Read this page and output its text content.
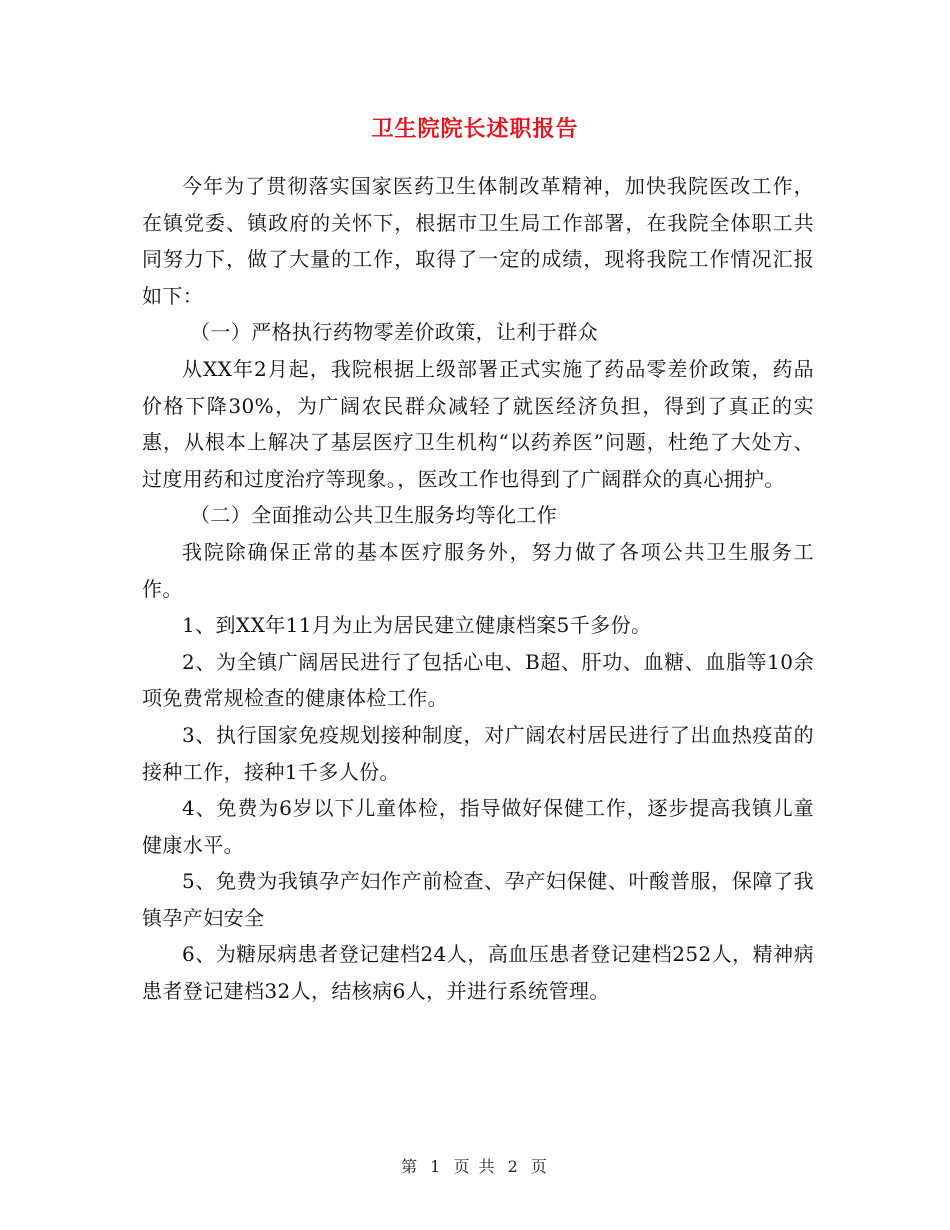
卫生院院长述职报告

今年为了贯彻落实国家医药卫生体制改革精神，加快我院医改工作，在镇党委、镇政府的关怀下，根据市卫生局工作部署，在我院全体职工共同努力下，做了大量的工作，取得了一定的成绩，现将我院工作情况汇报如下：

（一）严格执行药物零差价政策，让利于群众

从XX年2月起，我院根据上级部署正式实施了药品零差价政策，药品价格下降30%，为广阔农民群众减轻了就医经济负担，得到了真正的实惠，从根本上解决了基层医疗卫生机构“以药养医”问题，杜绝了大处方、过度用药和过度治疗等现象。，医改工作也得到了广阔群众的真心拥护。

（二）全面推动公共卫生服务均等化工作

我院除确保正常的基本医疗服务外，努力做了各项公共卫生服务工作。

1、到XX年11月为止为居民建立健康档案5千多份。

2、为全镇广阔居民进行了包括心电、B超、肝功、血糖、血脂等10余项免费常规检查的健康体检工作。

3、执行国家免疫规划接种制度，对广阔农村居民进行了出血热疫苗的接种工作，接种1千多人份。

4、免费为6岁以下儿童体检，指导做好保健工作，逐步提高我镇儿童健康水平。

5、免费为我镇孕产妇作产前检查、孕产妇保健、叶酸普服，保障了我镇孕产妇安全

6、为糖尿病患者登记建档24人，高血压患者登记建档252人，精神病患者登记建档32人，结核病6人，并进行系统管理。

第 1 页 共 2 页
